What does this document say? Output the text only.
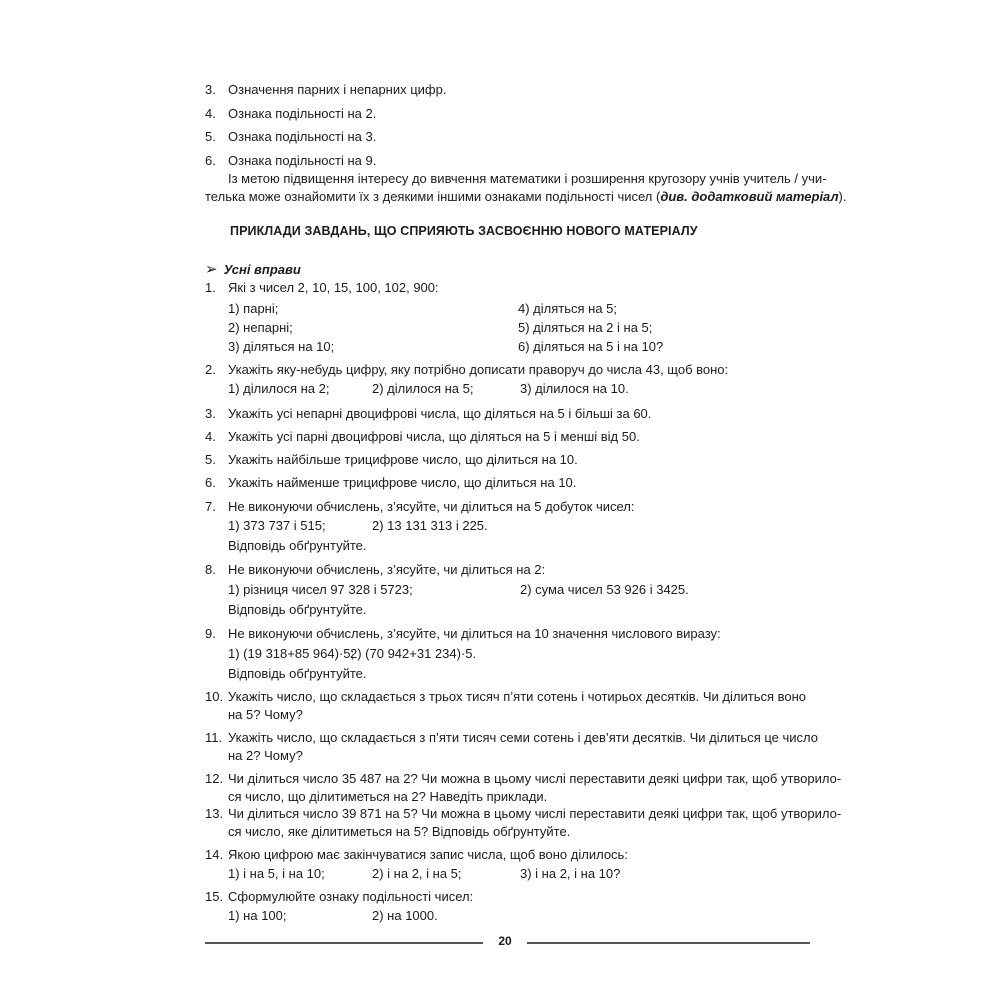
3. Означення парних і непарних цифр.
4. Ознака подільності на 2.
5. Ознака подільності на 3.
6. Ознака подільності на 9.
Із метою підвищення інтересу до вивчення математики і розширення кругозору учнів учитель / учи-
телька може ознайомити їх з деякими іншими ознаками подільності чисел (див. додатковий матеріал).
ПРИКЛАДИ ЗАВДАНЬ, ЩО СПРИЯЮТЬ ЗАСВОЄННЮ НОВОГО МАТЕРІАЛУ
➢ Усні вправи
1. Які з чисел 2, 10, 15, 100, 102, 900:
1) парні;	4) діляться на 5;
2) непарні;	5) діляться на 2 і на 5;
3) діляться на 10;	6) діляться на 5 і на 10?
2. Укажіть яку-небудь цифру, яку потрібно дописати праворуч до числа 43, щоб воно:
1) ділилося на 2;	2) ділилося на 5;	3) ділилося на 10.
3. Укажіть усі непарні двоцифрові числа, що діляться на 5 і більші за 60.
4. Укажіть усі парні двоцифрові числа, що діляться на 5 і менші від 50.
5. Укажіть найбільше трицифрове число, що ділиться на 10.
6. Укажіть найменше трицифрове число, що ділиться на 10.
7. Не виконуючи обчислень, з’ясуйте, чи ділиться на 5 добуток чисел:
1) 373 737 і 515;	2) 13 131 313 і 225.
Відповідь обґрунтуйте.
8. Не виконуючи обчислень, з’ясуйте, чи ділиться на 2:
1) різниця чисел 97 328 і 5723;	2) сума чисел 53 926 і 3425.
Відповідь обґрунтуйте.
9. Не виконуючи обчислень, з’ясуйте, чи ділиться на 10 значення числового виразу:
1) (19 318+85 964)·5;
2) (70 942+31 234)·5.
Відповідь обґрунтуйте.
10. Укажіть число, що складається з трьох тисяч п’яти сотень і чотирьох десятків. Чи ділиться воно
на 5? Чому?
11. Укажіть число, що складається з п’яти тисяч семи сотень і дев’яти десятків. Чи ділиться це число
на 2? Чому?
12. Чи ділиться число 35 487 на 2? Чи можна в цьому числі переставити деякі цифри так, щоб утворило-
ся число, що ділитиметься на 2? Наведіть приклади.
13. Чи ділиться число 39 871 на 5? Чи можна в цьому числі переставити деякі цифри так, щоб утворило-
ся число, яке ділитиметься на 5? Відповідь обґрунтуйте.
14. Якою цифрою має закінчуватися запис числа, щоб воно ділилось:
1) і на 5, і на 10;	2) і на 2, і на 5;	3) і на 2, і на 10?
15. Сформулюйте ознаку подільності чисел:
1) на 100;	2) на 1000.
20
